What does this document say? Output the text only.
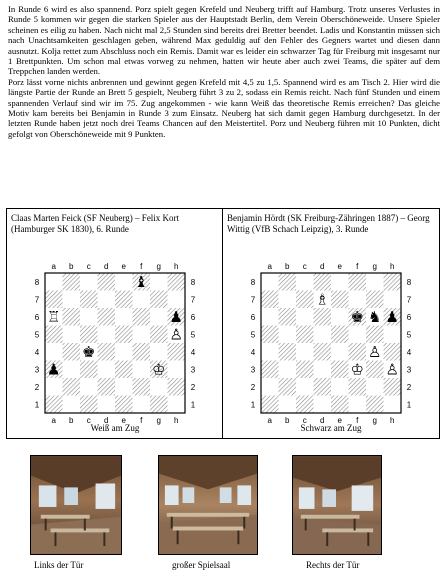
In Runde 6 wird es also spannend. Porz spielt gegen Krefeld und Neuberg trifft auf Hamburg. Trotz unseres Verlustes in Runde 5 kommen wir gegen die starken Spieler aus der Hauptstadt Berlin, dem Verein Oberschöneweide. Unsere Spieler scheinen es eilig zu haben. Nach nicht mal 2,5 Stunden sind bereits drei Bretter beendet. Ladis und Konstantin müssen sich nach Unachtsamkeiten geschlagen geben, während Max geduldig auf den Fehler des Gegners wartet und diesen dann ausnutzt. Kolja rettet zum Abschluss noch ein Remis. Damit war es leider ein schwarzer Tag für Freiburg mit insgesamt nur 1 Brettpunkten. Um schon mal etwas vorweg zu nehmen, hatten wir heute aber auch zwei Teams, die später auf dem Treppchen landen werden.

Porz lässt vorne nichts anbrennen und gewinnt gegen Krefeld mit 4,5 zu 1,5. Spannend wird es am Tisch 2. Hier wird die längste Partie der Runde an Brett 5 gespielt, Neuberg führt 3 zu 2, sodass ein Remis reicht. Nach fünf Stunden und einem spannenden Verlauf sind wir im 75. Zug angekommen - wie kann Weiß das theoretische Remis erreichen? Das gleiche Motiv kam bereits bei Benjamin in Runde 3 zum Einsatz. Neuberg hat sich damit gegen Hamburg durchgesetzt. In der letzten Runde haben jetzt noch drei Teams Chancen auf den Meistertitel. Porz und Neuberg führen mit 10 Punkten, dicht gefolgt von Oberschöneweide mit 9 Punkten.

Claas Marten Feick (SF Neuberg) – Felix Kort (Hamburger SK 1830), 6. Runde
a
a
b
b
c
c
d
d
e
e
f
f
g
g
h
h
8	8
7	7
6	6
5	5
4	4
3	3
2	2
1	1
♝
♟
♖
♙
♚
♟	♔
Weiß am Zug
Benjamin Hördt (SK Freiburg-Zähringen 1887) – Georg Wittig (VfB Schach Leipzig), 3. Runde
a
a
b
b
c
c
d
d
e
e
f
f
g
g
h
h
8	8
7	7
6	6
5	5
4	4
3	3
2	2
1	1
♗
♚ ♞ ♟
♙
♔ ♙
Schwarz am Zug
Links der Tür	großer Spielsaal	Rechts der Tür
